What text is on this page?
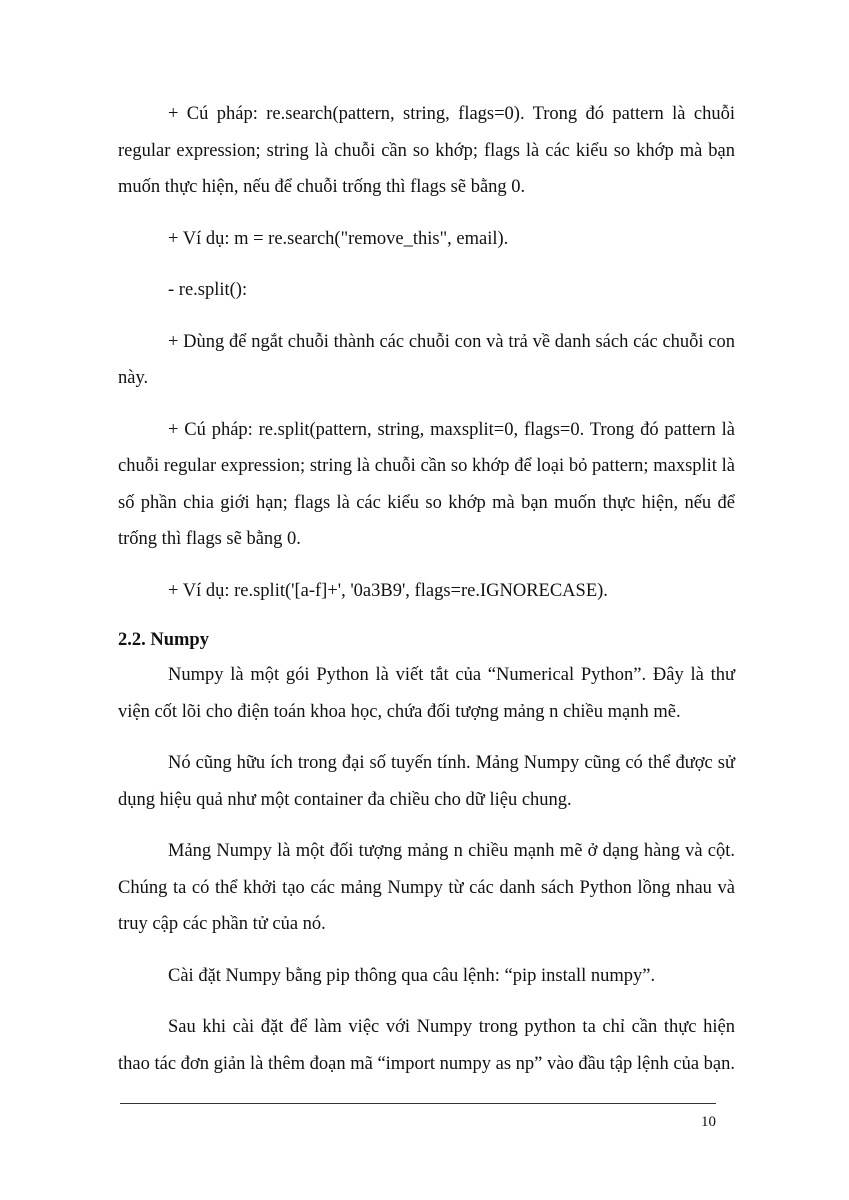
+ Cú pháp: re.search(pattern, string, flags=0). Trong đó pattern là chuỗi regular expression; string là chuỗi cần so khớp; flags là các kiểu so khớp mà bạn muốn thực hiện, nếu để chuỗi trống thì flags sẽ bằng 0.

+ Ví dụ: m = re.search("remove_this", email).

- re.split():

+ Dùng để ngắt chuỗi thành các chuỗi con và trả về danh sách các chuỗi con này.

+ Cú pháp: re.split(pattern, string, maxsplit=0, flags=0. Trong đó pattern là chuỗi regular expression; string là chuỗi cần so khớp để loại bỏ pattern; maxsplit là số phần chia giới hạn; flags là các kiểu so khớp mà bạn muốn thực hiện, nếu để trống thì flags sẽ bằng 0.

+ Ví dụ: re.split('[a-f]+', '0a3B9', flags=re.IGNORECASE).

2.2. Numpy

Numpy là một gói Python là viết tắt của “Numerical Python”. Đây là thư viện cốt lõi cho điện toán khoa học, chứa đối tượng mảng n chiều mạnh mẽ.

Nó cũng hữu ích trong đại số tuyến tính. Mảng Numpy cũng có thể được sử dụng hiệu quả như một container đa chiều cho dữ liệu chung.

Mảng Numpy là một đối tượng mảng n chiều mạnh mẽ ở dạng hàng và cột. Chúng ta có thể khởi tạo các mảng Numpy từ các danh sách Python lồng nhau và truy cập các phần tử của nó.

Cài đặt Numpy bằng pip thông qua câu lệnh: “pip install numpy”.

Sau khi cài đặt để làm việc với Numpy trong python ta chỉ cần thực hiện thao tác đơn giản là thêm đoạn mã “import numpy as np” vào đầu tập lệnh của bạn.

10
